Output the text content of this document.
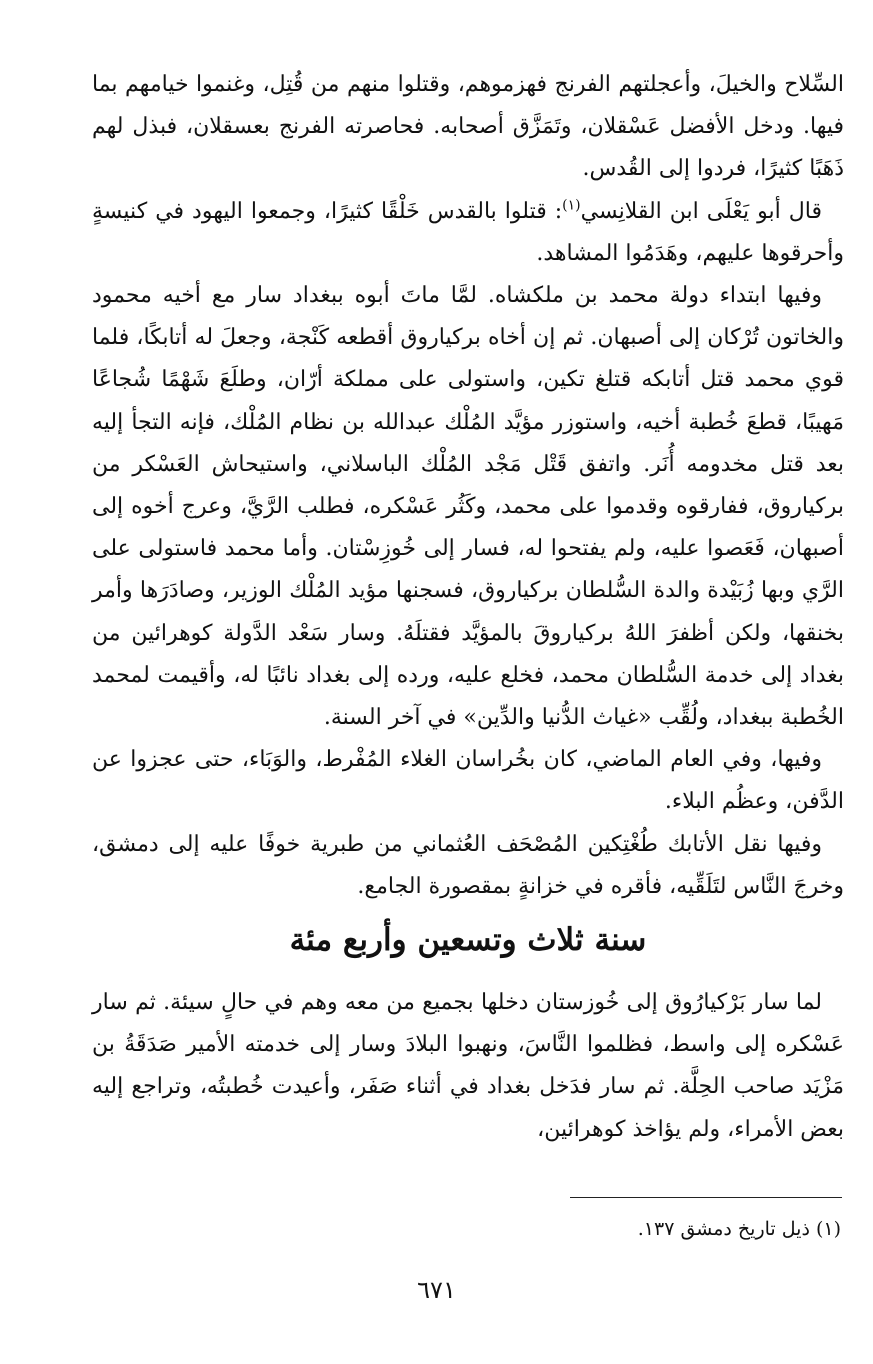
السِّلاح والخيلَ، وأعجلتهم الفرنج فهزموهم، وقتلوا منهم من قُتِل، وغنموا خيامهم بما فيها. ودخل الأفضل عَسْقلان، وتَمَزَّق أصحابه. فحاصرته الفرنج بعسقلان، فبذل لهم ذَهَبًا كثيرًا، فردوا إلى القُدس.

قال أبو يَعْلَى ابن القلانِسي$^{(١)}$: قتلوا بالقدس خَلْقًا كثيرًا، وجمعوا اليهود في كنيسةٍ وأحرقوها عليهم، وهَدَمُوا المشاهد.

وفيها ابتداء دولة محمد بن ملكشاه. لمَّا ماتَ أبوه ببغداد سار مع أخيه محمود والخاتون تُرْكان إلى أصبهان. ثم إن أخاه بركياروق أقطعه كَنْجة، وجعلَ له أتابكًا، فلما قوي محمد قتل أتابكه قتلغ تكين، واستولى على مملكة أرّان، وطلَعَ شَهْمًا شُجاعًا مَهيبًا، قطعَ خُطبة أخيه، واستوزر مؤيَّد المُلْك عبدالله بن نظام المُلْك، فإنه التجأ إليه بعد قتل مخدومه أُنَر. واتفق قَتْل مَجْد المُلْك الباسلاني، واستيحاش العَسْكر من بركياروق، ففارقوه وقدموا على محمد، وكَثُر عَسْكره، فطلب الرَّيَّ، وعرج أخوه إلى أصبهان، فَعَصوا عليه، ولم يفتحوا له، فسار إلى خُوزِسْتان. وأما محمد فاستولى على الرَّي وبها زُبَيْدة والدة السُّلطان بركياروق، فسجنها مؤيد المُلْك الوزير، وصادَرَها وأمر بخنقها، ولكن أظفرَ اللهُ بركياروقَ بالمؤيَّد فقتلَهُ. وسار سَعْد الدَّولة كوهرائين من بغداد إلى خدمة السُّلطان محمد، فخلع عليه، ورده إلى بغداد نائبًا له، وأقيمت لمحمد الخُطبة ببغداد، ولُقِّب «غياث الدُّنيا والدِّين» في آخر السنة.

وفيها، وفي العام الماضي، كان بخُراسان الغلاء المُفْرط، والوَبَاء، حتى عجزوا عن الدَّفن، وعظُم البلاء.

وفيها نقل الأتابك طُغْتِكين المُصْحَف العُثماني من طبرية خوفًا عليه إلى دمشق، وخرجَ النَّاس لتَلَقِّيه، فأقره في خزانةٍ بمقصورة الجامع.

سنة ثلاث وتسعين وأربع مئة

لما سار بَرْكيارُوق إلى خُوزستان دخلها بجميع من معه وهم في حالٍ سيئة. ثم سار عَسْكره إلى واسط، فظلموا النَّاسَ، ونهبوا البلادَ وسار إلى خدمته الأمير صَدَقَةُ بن مَزْيَد صاحب الحِلَّة. ثم سار فدَخل بغداد في أثناء صَفَر، وأعيدت خُطبتُه، وتراجع إليه بعض الأمراء، ولم يؤاخذ كوهرائين،

(١) ذيل تاريخ دمشق ١٣٧.
٦٧١
